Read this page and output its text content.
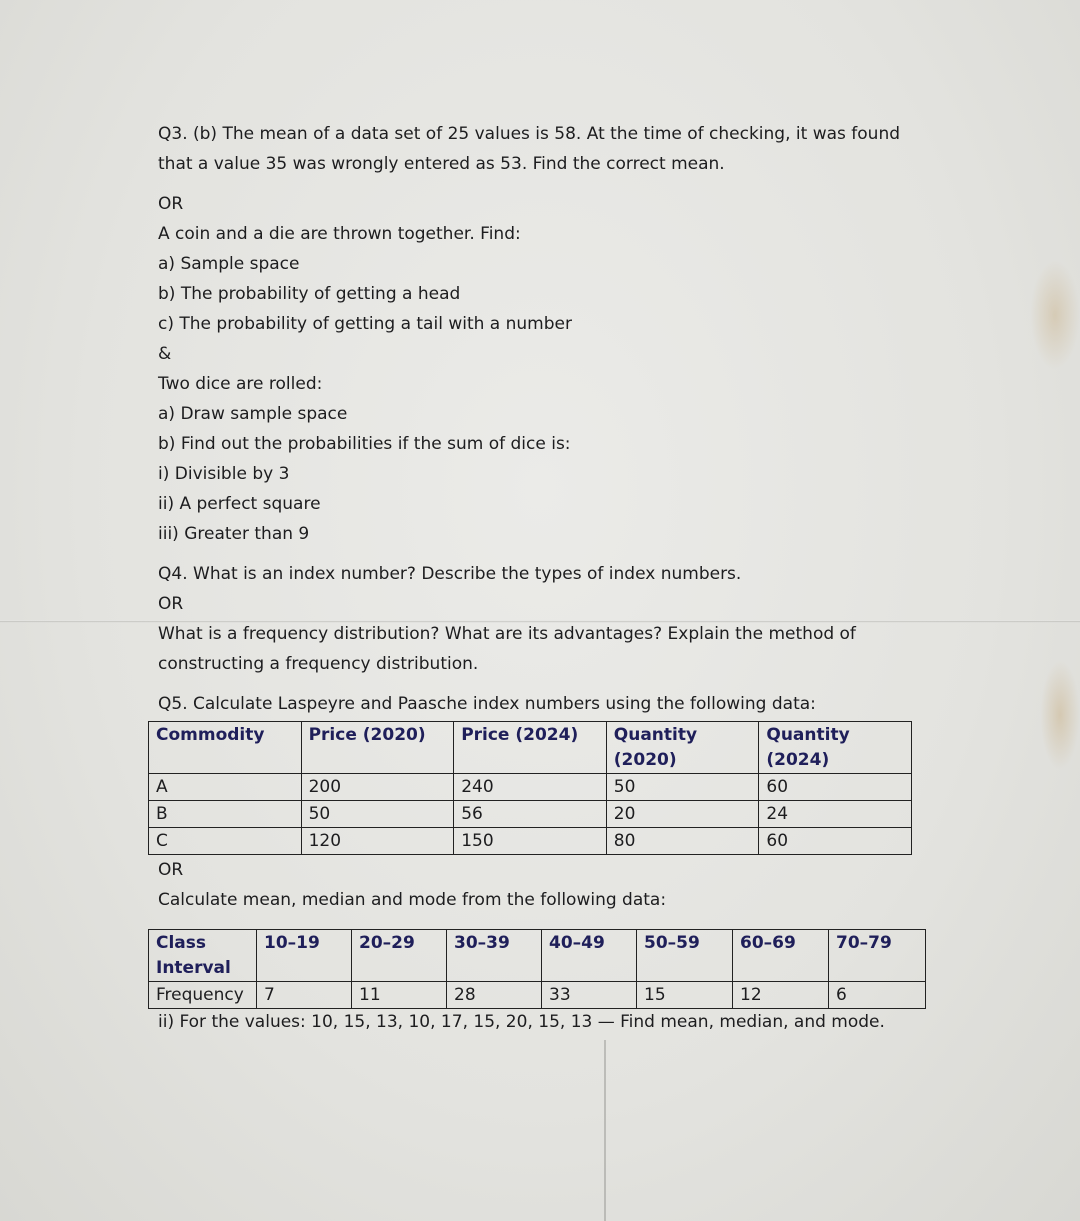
Q3. (b) The mean of a data set of 25 values is 58. At the time of checking, it was found
that a value 35 was wrongly entered as 53. Find the correct mean.
OR
A coin and a die are thrown together. Find:
a) Sample space
b) The probability of getting a head
c) The probability of getting a tail with a number
&
Two dice are rolled:
a) Draw sample space
b) Find out the probabilities if the sum of dice is:
i) Divisible by 3
ii) A perfect square
iii) Greater than 9
Q4. What is an index number? Describe the types of index numbers.
OR
What is a frequency distribution? What are its advantages? Explain the method of
constructing a frequency distribution.
Q5. Calculate Laspeyre and Paasche index numbers using the following data:
Commodity	Price (2020)	Price (2024)	Quantity (2020)	Quantity (2024)
A	200	240	50	60
B	50	56	20	24
C	120	150	80	60
OR
Calculate mean, median and mode from the following data:
Class Interval	10–19	20–29	30–39	40–49	50–59	60–69	70–79
Frequency	7	11	28	33	15	12	6
ii) For the values: 10, 15, 13, 10, 17, 15, 20, 15, 13 — Find mean, median, and mode.
